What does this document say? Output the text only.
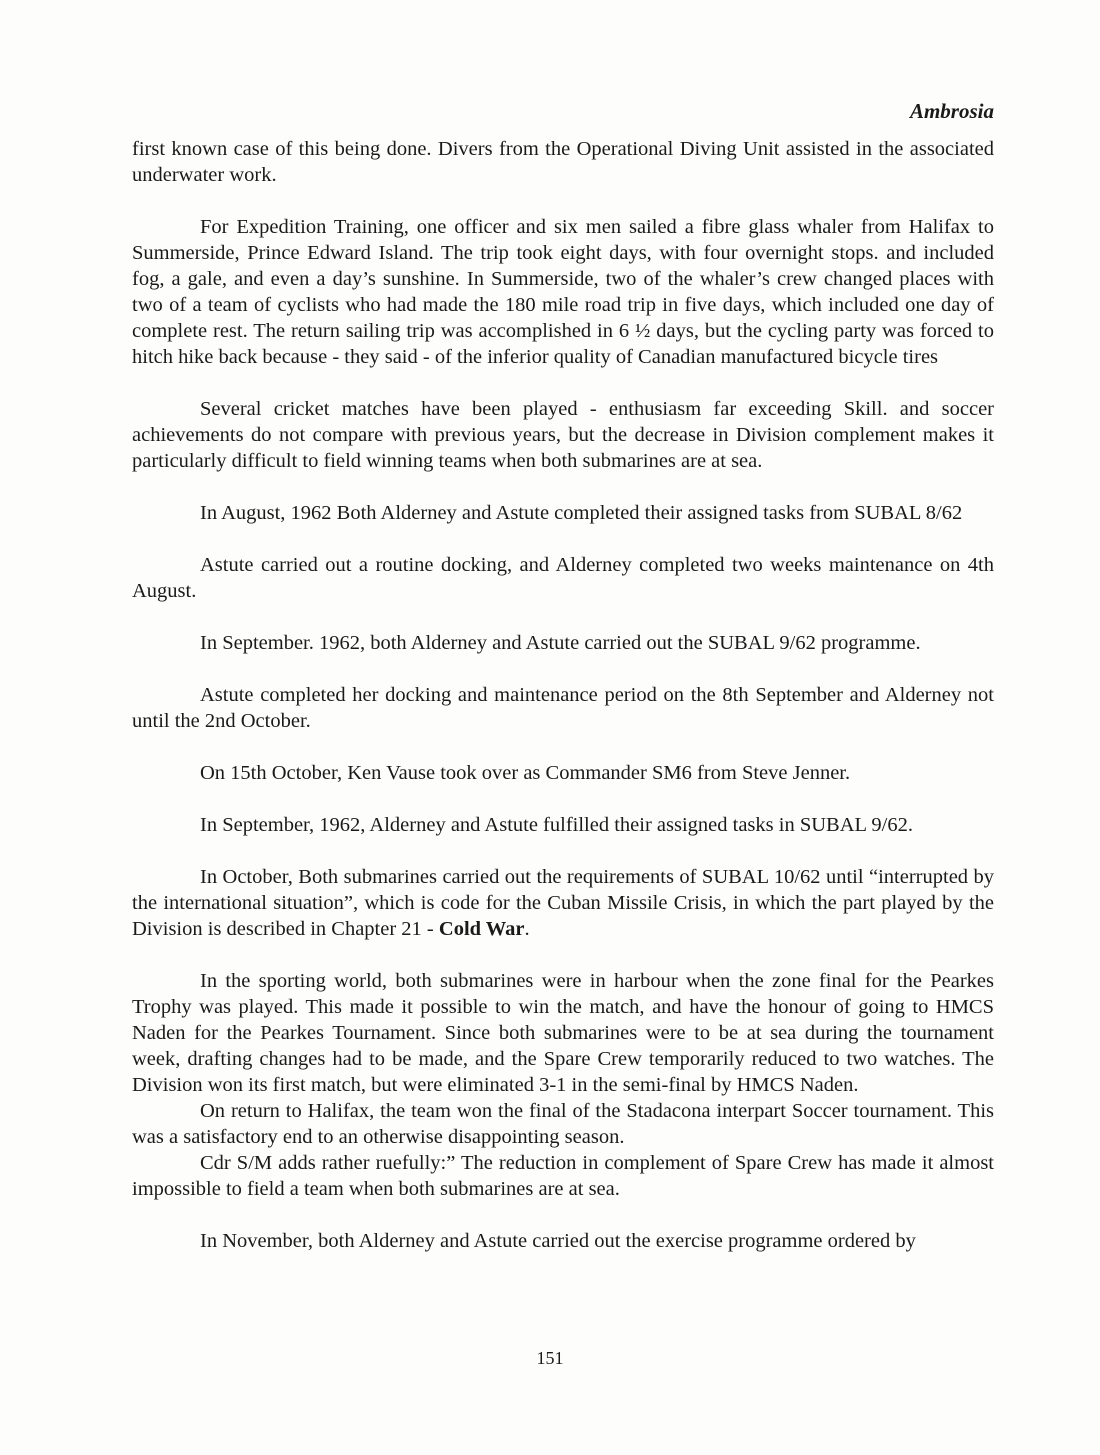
Ambrosia

first known case of this being done. Divers from the Operational Diving Unit assisted in the associated underwater work.

For Expedition Training, one officer and six men sailed a fibre glass whaler from Halifax to Summerside, Prince Edward Island. The trip took eight days, with four overnight stops. and included fog, a gale, and even a day’s sunshine. In Summerside, two of the whaler’s crew changed places with two of a team of cyclists who had made the 180 mile road trip in five days, which included one day of complete rest. The return sailing trip was accomplished in 6 ½ days, but the cycling party was forced to hitch hike back because - they said - of the inferior quality of Canadian manufactured bicycle tires

Several cricket matches have been played - enthusiasm far exceeding Skill. and soccer achievements do not compare with previous years, but the decrease in Division complement makes it particularly difficult to field winning teams when both submarines are at sea.

In August, 1962 Both Alderney and Astute completed their assigned tasks from SUBAL 8/62

Astute carried out a routine docking, and Alderney completed two weeks maintenance on 4th August.

In September. 1962, both Alderney and Astute carried out the SUBAL 9/62 programme.

Astute completed her docking and maintenance period on the 8th September and Alderney not until the 2nd October.

On 15th October, Ken Vause took over as Commander SM6 from Steve Jenner.

In September, 1962, Alderney and Astute fulfilled their assigned tasks in SUBAL 9/62.

In October, Both submarines carried out the requirements of SUBAL 10/62 until “interrupted by the international situation”, which is code for the Cuban Missile Crisis, in which the part played by the Division is described in Chapter 21 - Cold War.

In the sporting world, both submarines were in harbour when the zone final for the Pearkes Trophy was played. This made it possible to win the match, and have the honour of going to HMCS Naden for the Pearkes Tournament. Since both submarines were to be at sea during the tournament week, drafting changes had to be made, and the Spare Crew temporarily reduced to two watches. The Division won its first match, but were eliminated 3-1 in the semi-final by HMCS Naden.

On return to Halifax, the team won the final of the Stadacona interpart Soccer tournament. This was a satisfactory end to an otherwise disappointing season.

Cdr S/M adds rather ruefully:” The reduction in complement of Spare Crew has made it almost impossible to field a team when both submarines are at sea.

In November, both Alderney and Astute carried out the exercise programme ordered by

151
